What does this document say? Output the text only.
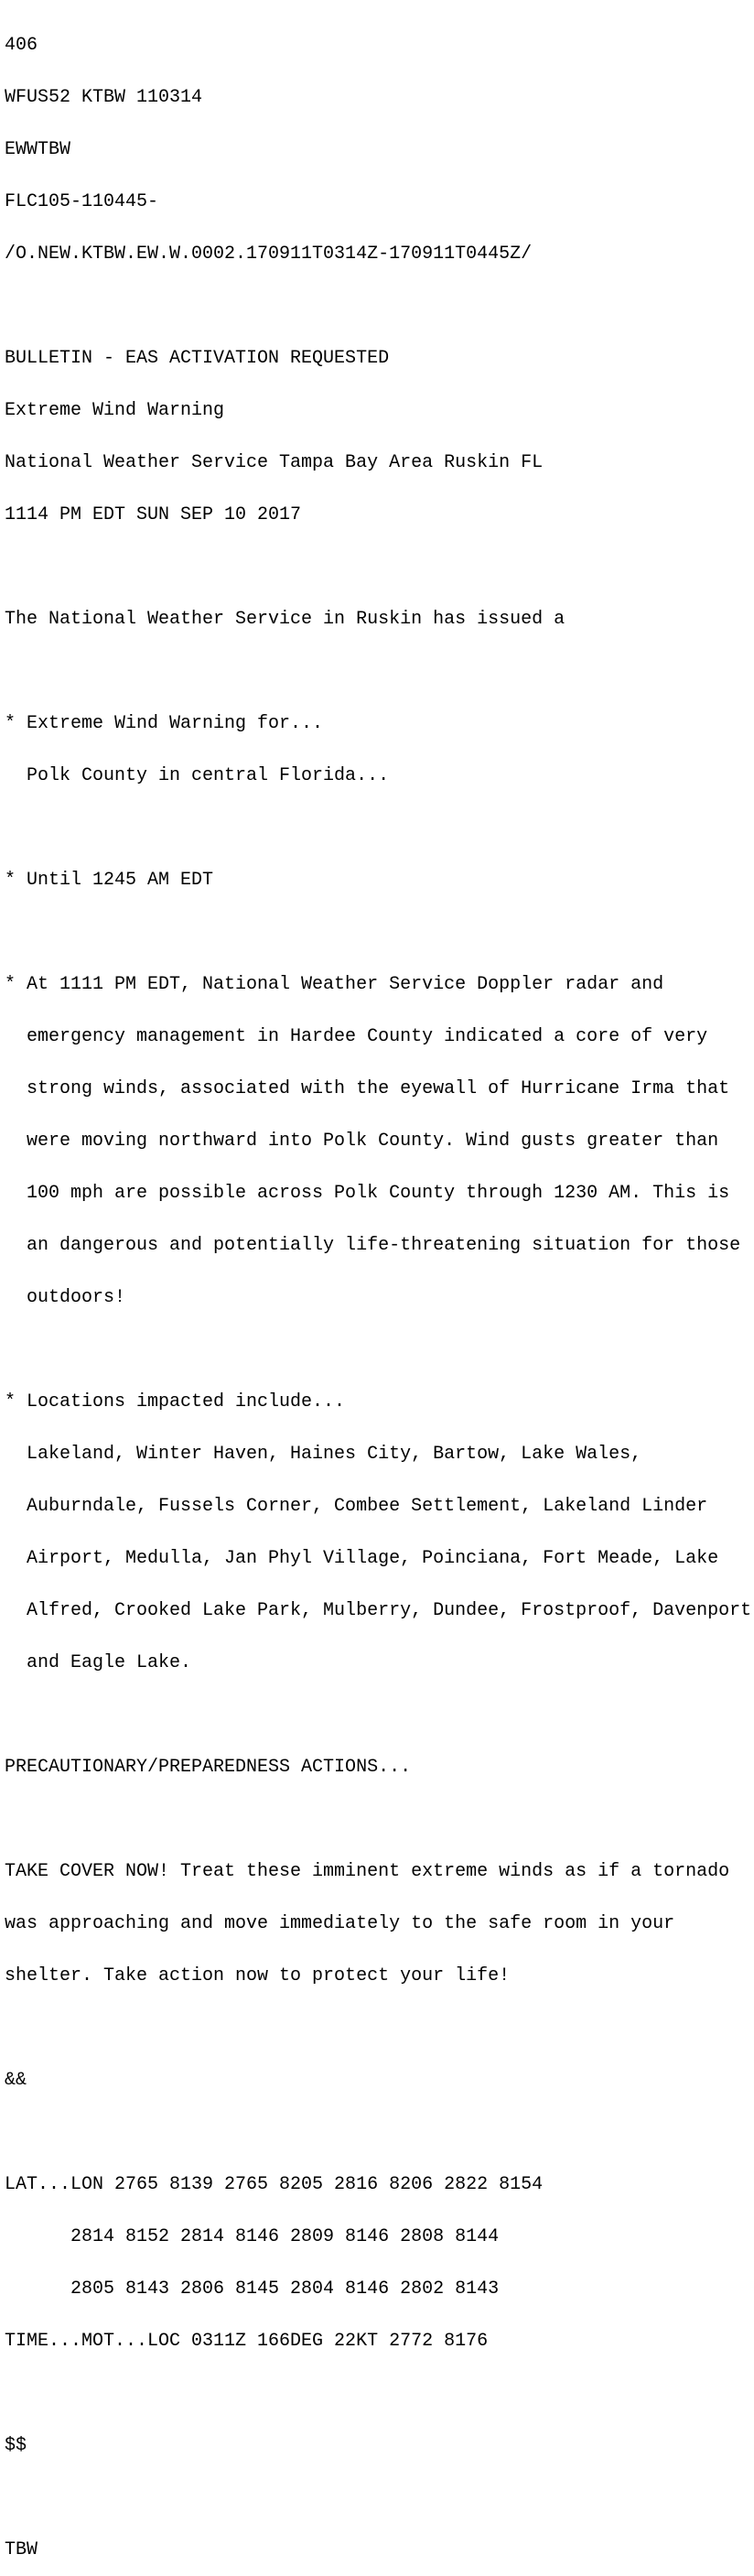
406

WFUS52 KTBW 110314

EWWTBW

FLC105-110445-

/O.NEW.KTBW.EW.W.0002.170911T0314Z-170911T0445Z/

BULLETIN - EAS ACTIVATION REQUESTED

Extreme Wind Warning

National Weather Service Tampa Bay Area Ruskin FL

1114 PM EDT SUN SEP 10 2017

The National Weather Service in Ruskin has issued a

* Extreme Wind Warning for...

Polk County in central Florida...

* Until 1245 AM EDT

* At 1111 PM EDT, National Weather Service Doppler radar and

emergency management in Hardee County indicated a core of very

strong winds, associated with the eyewall of Hurricane Irma that

were moving northward into Polk County. Wind gusts greater than

100 mph are possible across Polk County through 1230 AM. This is

an dangerous and potentially life-threatening situation for those

outdoors!

* Locations impacted include...

Lakeland, Winter Haven, Haines City, Bartow, Lake Wales,

Auburndale, Fussels Corner, Combee Settlement, Lakeland Linder

Airport, Medulla, Jan Phyl Village, Poinciana, Fort Meade, Lake

Alfred, Crooked Lake Park, Mulberry, Dundee, Frostproof, Davenport

and Eagle Lake.

PRECAUTIONARY/PREPAREDNESS ACTIONS...

TAKE COVER NOW! Treat these imminent extreme winds as if a tornado

was approaching and move immediately to the safe room in your

shelter. Take action now to protect your life!

&&

LAT...LON 2765 8139 2765 8205 2816 8206 2822 8154

2814 8152 2814 8146 2809 8146 2808 8144

2805 8143 2806 8145 2804 8146 2802 8143

TIME...MOT...LOC 0311Z 166DEG 22KT 2772 8176

$$

TBW
